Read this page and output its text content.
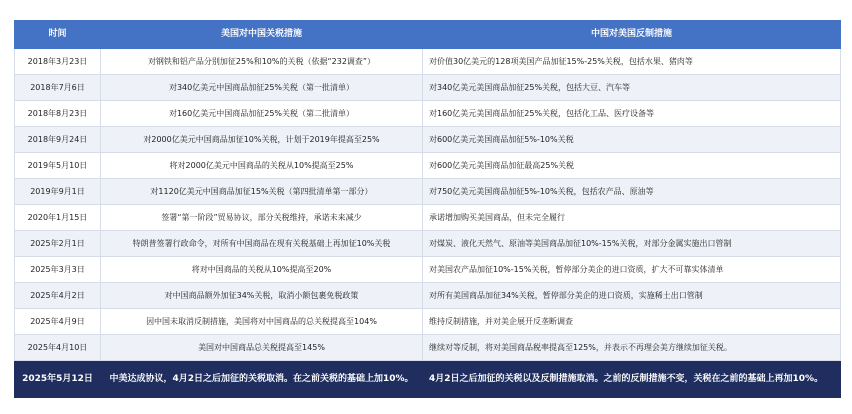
时间	美国对中国关税措施	中国对美国反制措施
2018年3月23日	对钢铁和铝产品分别加征25%和10%的关税（依据“232调查”）	对价值30亿美元的128项美国产品加征15%-25%关税，包括水果、猪肉等
2018年7月6日	对340亿美元中国商品加征25%关税（第一批清单）	对340亿美元美国商品加征25%关税，包括大豆、汽车等
2018年8月23日	对160亿美元中国商品加征25%关税（第二批清单）	对160亿美元美国商品加征25%关税，包括化工品、医疗设备等
2018年9月24日	对2000亿美元中国商品加征10%关税，计划于2019年提高至25%	对600亿美元美国商品加征5%-10%关税
2019年5月10日	将对2000亿美元中国商品的关税从10%提高至25%	对600亿美元美国商品加征最高25%关税
2019年9月1日	对1120亿美元中国商品加征15%关税（第四批清单第一部分）	对750亿美元美国商品加征5%-10%关税，包括农产品、原油等
2020年1月15日	签署“第一阶段”贸易协议，部分关税维持，承诺未来减少	承诺增加购买美国商品，但未完全履行
2025年2月1日	特朗普签署行政命令，对所有中国商品在现有关税基础上再加征10%关税	对煤炭、液化天然气、原油等美国商品加征10%-15%关税，对部分金属实施出口管制
2025年3月3日	将对中国商品的关税从10%提高至20%	对美国农产品加征10%-15%关税，暂停部分美企的进口资质，扩大不可靠实体清单
2025年4月2日	对中国商品额外加征34%关税，取消小额包裹免税政策	对所有美国商品加征34%关税，暂停部分美企的进口资质，实施稀土出口管制
2025年4月9日	因中国未取消反制措施，美国将对中国商品的总关税提高至104%	维持反制措施，并对美企展开反垄断调查
2025年4月10日	美国对中国商品总关税提高至145%	继续对等反制，将对美国商品税率提高至125%，并表示不再理会美方继续加征关税。
2025年5月12日	中美达成协议，4月2日之后加征的关税取消。在之前关税的基础上加10%。	4月2日之后加征的关税以及反制措施取消。之前的反制措施不变，关税在之前的基础上再加10%。
